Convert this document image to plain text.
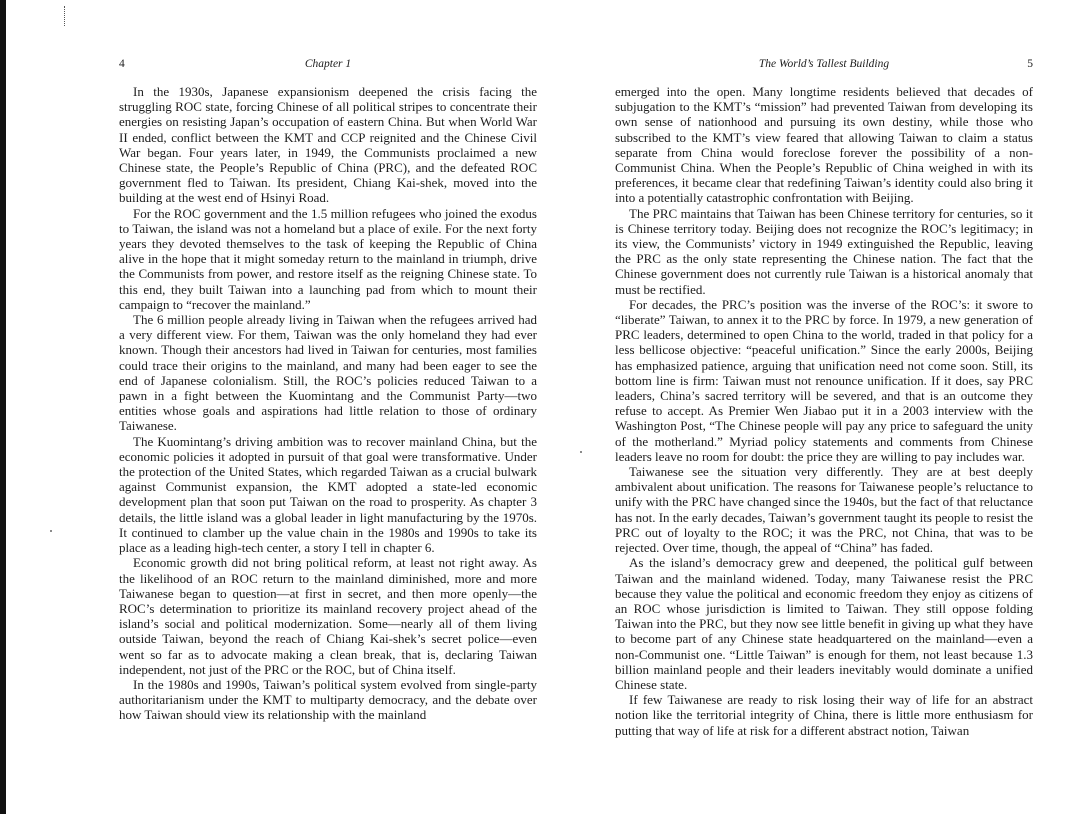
4	Chapter 1

In the 1930s, Japanese expansionism deepened the crisis facing the struggling ROC state, forcing Chinese of all political stripes to concentrate their energies on resisting Japan’s occupation of eastern China. But when World War II ended, conflict between the KMT and CCP reignited and the Chinese Civil War began. Four years later, in 1949, the Communists proclaimed a new Chinese state, the People’s Republic of China (PRC), and the defeated ROC government fled to Taiwan. Its president, Chiang Kai-shek, moved into the building at the west end of Hsinyi Road.

For the ROC government and the 1.5 million refugees who joined the exodus to Taiwan, the island was not a homeland but a place of exile. For the next forty years they devoted themselves to the task of keeping the Republic of China alive in the hope that it might someday return to the mainland in triumph, drive the Communists from power, and restore itself as the reigning Chinese state. To this end, they built Taiwan into a launching pad from which to mount their campaign to “recover the mainland.”

The 6 million people already living in Taiwan when the refugees arrived had a very different view. For them, Taiwan was the only homeland they had ever known. Though their ancestors had lived in Taiwan for centuries, most families could trace their origins to the mainland, and many had been eager to see the end of Japanese colonialism. Still, the ROC’s policies reduced Taiwan to a pawn in a fight between the Kuomintang and the Communist Party—two entities whose goals and aspirations had little relation to those of ordinary Taiwanese.

The Kuomintang’s driving ambition was to recover mainland China, but the economic policies it adopted in pursuit of that goal were transformative. Under the protection of the United States, which regarded Taiwan as a crucial bulwark against Communist expansion, the KMT adopted a state-led economic development plan that soon put Taiwan on the road to prosperity. As chapter 3 details, the little island was a global leader in light manufacturing by the 1970s. It continued to clamber up the value chain in the 1980s and 1990s to take its place as a leading high-tech center, a story I tell in chapter 6.

Economic growth did not bring political reform, at least not right away. As the likelihood of an ROC return to the mainland diminished, more and more Taiwanese began to question—at first in secret, and then more openly—the ROC’s determination to prioritize its mainland recovery project ahead of the island’s social and political modernization. Some—nearly all of them living outside Taiwan, beyond the reach of Chiang Kai-shek’s secret police—even went so far as to advocate making a clean break, that is, declaring Taiwan independent, not just of the PRC or the ROC, but of China itself.

In the 1980s and 1990s, Taiwan’s political system evolved from single-party authoritarianism under the KMT to multiparty democracy, and the debate over how Taiwan should view its relationship with the mainland

The World’s Tallest Building	5

emerged into the open. Many longtime residents believed that decades of subjugation to the KMT’s “mission” had prevented Taiwan from developing its own sense of nationhood and pursuing its own destiny, while those who subscribed to the KMT’s view feared that allowing Taiwan to claim a status separate from China would foreclose forever the possibility of a non-Communist China. When the People’s Republic of China weighed in with its preferences, it became clear that redefining Taiwan’s identity could also bring it into a potentially catastrophic confrontation with Beijing.

The PRC maintains that Taiwan has been Chinese territory for centuries, so it is Chinese territory today. Beijing does not recognize the ROC’s legitimacy; in its view, the Communists’ victory in 1949 extinguished the Republic, leaving the PRC as the only state representing the Chinese nation. The fact that the Chinese government does not currently rule Taiwan is a historical anomaly that must be rectified.

For decades, the PRC’s position was the inverse of the ROC’s: it swore to “liberate” Taiwan, to annex it to the PRC by force. In 1979, a new generation of PRC leaders, determined to open China to the world, traded in that policy for a less bellicose objective: “peaceful unification.” Since the early 2000s, Beijing has emphasized patience, arguing that unification need not come soon. Still, its bottom line is firm: Taiwan must not renounce unification. If it does, say PRC leaders, China’s sacred territory will be severed, and that is an outcome they refuse to accept. As Premier Wen Jiabao put it in a 2003 interview with the Washington Post, “The Chinese people will pay any price to safeguard the unity of the motherland.” Myriad policy statements and comments from Chinese leaders leave no room for doubt: the price they are willing to pay includes war.

Taiwanese see the situation very differently. They are at best deeply ambivalent about unification. The reasons for Taiwanese people’s reluctance to unify with the PRC have changed since the 1940s, but the fact of that reluctance has not. In the early decades, Taiwan’s government taught its people to resist the PRC out of loyalty to the ROC; it was the PRC, not China, that was to be rejected. Over time, though, the appeal of “China” has faded.

As the island’s democracy grew and deepened, the political gulf between Taiwan and the mainland widened. Today, many Taiwanese resist the PRC because they value the political and economic freedom they enjoy as citizens of an ROC whose jurisdiction is limited to Taiwan. They still oppose folding Taiwan into the PRC, but they now see little benefit in giving up what they have to become part of any Chinese state headquartered on the mainland—even a non-Communist one. “Little Taiwan” is enough for them, not least because 1.3 billion mainland people and their leaders inevitably would dominate a unified Chinese state.

If few Taiwanese are ready to risk losing their way of life for an abstract notion like the territorial integrity of China, there is little more enthusiasm for putting that way of life at risk for a different abstract notion, Taiwan
